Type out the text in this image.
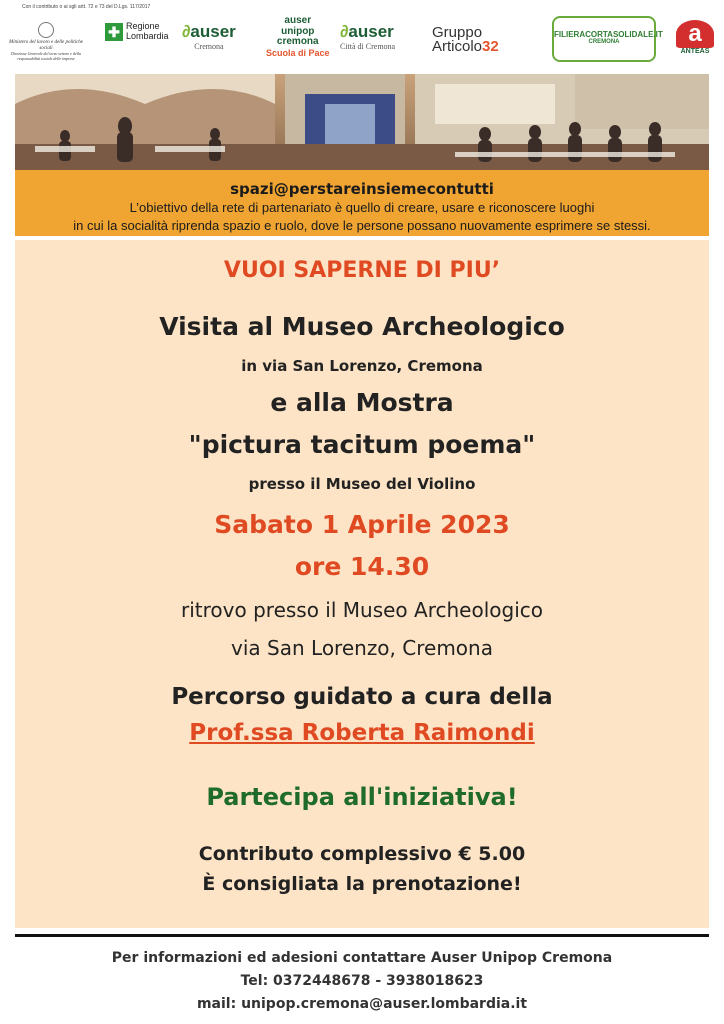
Con il contributo o ai sgli artt. 72 e 73 del D.Lgs. 117/2017
Ministero del lavoro e delle politiche sociali
Direzione Generale del terzo settore e della responsabilità sociale delle imprese
✚ Regione
Lombardia ∂auser
Cremona
auser
unipop
cremona
Scuola di Pace
∂auser
Città di Cremona
Gruppo
Articolo32
FILIERACORTASOLIDALE.IT
CREMONA	a
ANTEAS
spazi@perstareinsiemecontutti
L’obiettivo della rete di partenariato è quello di creare, usare e riconoscere luoghi
in cui la socialità riprenda spazio e ruolo, dove le persone possano nuovamente esprimere se stessi.
VUOI SAPERNE DI PIU’
Visita al Museo Archeologico
in via San Lorenzo, Cremona
e alla Mostra
"pictura tacitum poema"
presso il Museo del Violino
Sabato 1 Aprile 2023
ore 14.30
ritrovo presso il Museo Archeologico
via San Lorenzo, Cremona
Percorso guidato a cura della
Prof.ssa Roberta Raimondi
Partecipa all'iniziativa!
Contributo complessivo € 5.00
È consigliata la prenotazione!
Per informazioni ed adesioni contattare Auser Unipop Cremona
Tel: 0372448678 - 3938018623
mail: unipop.cremona@auser.lombardia.it
